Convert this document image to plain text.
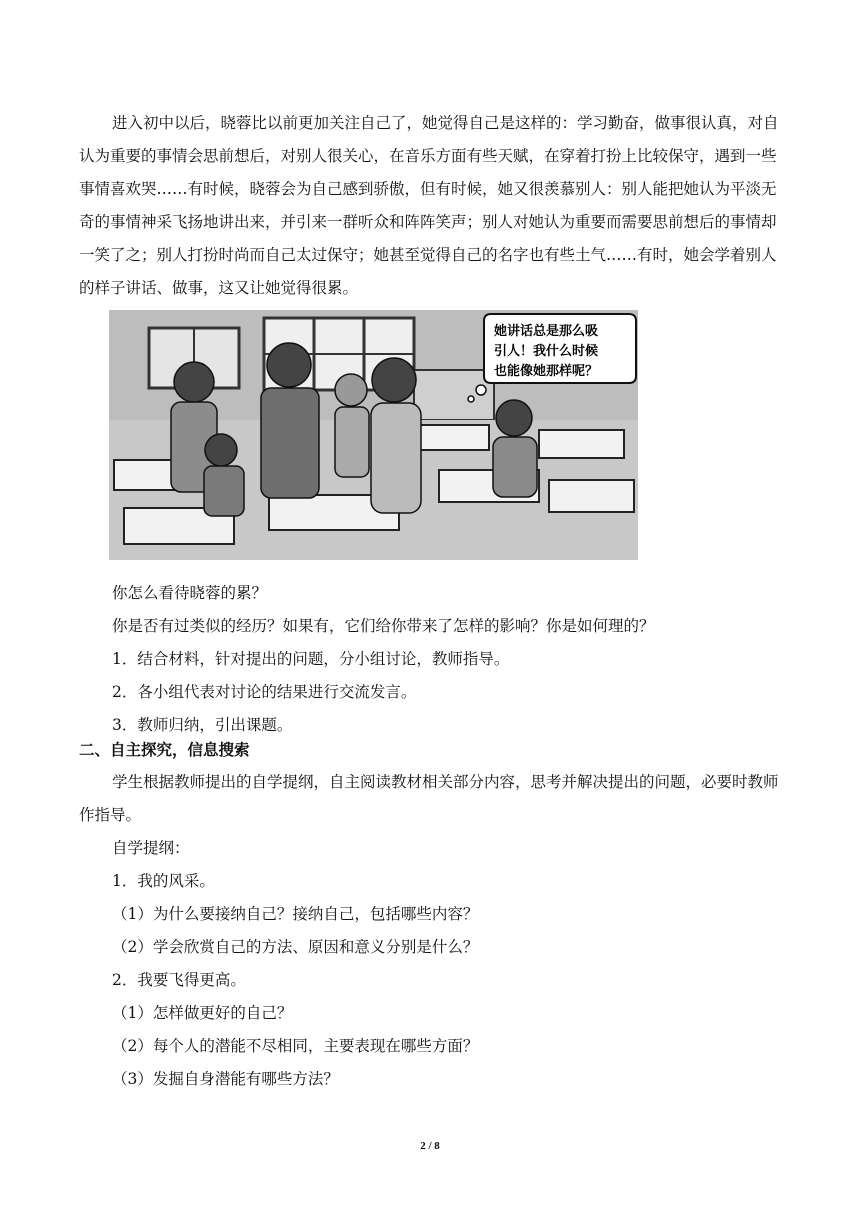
进入初中以后，晓蓉比以前更加关注自己了，她觉得自己是这样的：学习勤奋，做事很认真，对自认为重要的事情会思前想后，对别人很关心，在音乐方面有些天赋，在穿着打扮上比较保守，遇到一些事情喜欢哭……有时候，晓蓉会为自己感到骄傲，但有时候，她又很羡慕别人：别人能把她认为平淡无奇的事情神采飞扬地讲出来，并引来一群听众和阵阵笑声；别人对她认为重要而需要思前想后的事情却一笑了之；别人打扮时尚而自己太过保守；她甚至觉得自己的名字也有些土气……有时，她会学着别人的样子讲话、做事，这又让她觉得很累。

她讲话总是那么吸
引人！我什么时候
也能像她那样呢？

你怎么看待晓蓉的累？

你是否有过类似的经历？如果有，它们给你带来了怎样的影响？你是如何理的？

1．结合材料，针对提出的问题，分小组讨论，教师指导。

2．各小组代表对讨论的结果进行交流发言。

3．教师归纳，引出课题。

二、自主探究，信息搜索

学生根据教师提出的自学提纲，自主阅读教材相关部分内容，思考并解决提出的问题，必要时教师作指导。

自学提纲：

1．我的风采。

（1）为什么要接纳自己？接纳自己，包括哪些内容？

（2）学会欣赏自己的方法、原因和意义分别是什么？

2．我要飞得更高。

（1）怎样做更好的自己？

（2）每个人的潜能不尽相同，主要表现在哪些方面？

（3）发掘自身潜能有哪些方法？

2 / 8
